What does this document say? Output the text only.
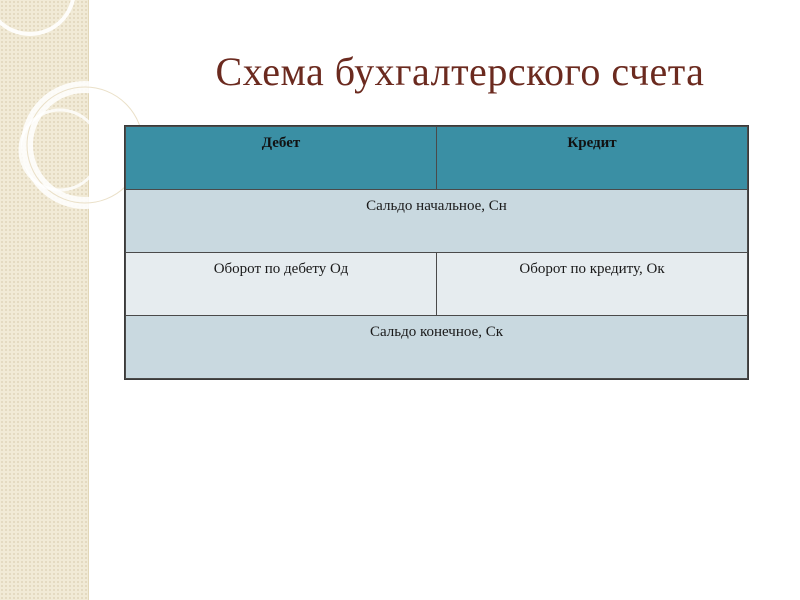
Схема бухгалтерского счета
Дебет	Кредит
Сальдо начальное, Сн	
Оборот по дебету Од	Оборот по кредиту, Ок
Сальдо конечное, Ск	
